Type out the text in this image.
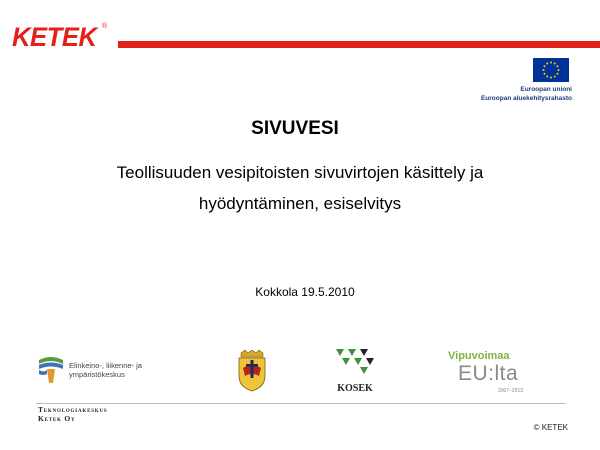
KETEK ®
Euroopan unioni
Euroopan aluekehitysrahasto
SIVUVESI
Teollisuuden vesipitoisten sivuvirtojen käsittely ja
hyödyntäminen, esiselvitys
Kokkola 19.5.2010
Elinkeino-, liikenne- ja
ympäristökeskus
KOSEK
Vipuvoimaa
EU:lta
2007–2013
Teknologiakeskus
Ketek Oy
© KETEK
